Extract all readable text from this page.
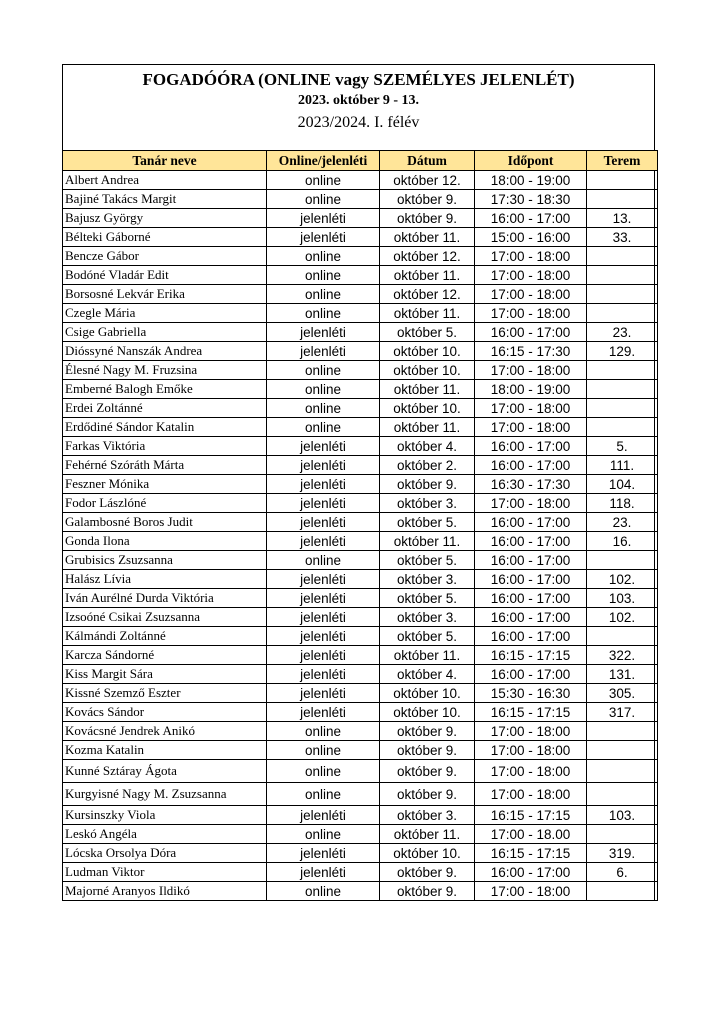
FOGADÓÓRA (ONLINE vagy SZEMÉLYES JELENLÉT)
2023. október 9 - 13.
2023/2024. I. félév
Tanár neve	Online/jelenléti	Dátum	Időpont	Terem
Albert Andrea	online	október 12.	18:00 - 19:00	
Bajiné Takács Margit	online	október 9.	17:30 - 18:30	
Bajusz György	jelenléti	október 9.	16:00 - 17:00	13.
Bélteki Gáborné	jelenléti	október 11.	15:00 - 16:00	33.
Bencze Gábor	online	október 12.	17:00 - 18:00	
Bodóné Vladár Edit	online	október 11.	17:00 - 18:00	
Borsosné Lekvár Erika	online	október 12.	17:00 - 18:00	
Czegle Mária	online	október 11.	17:00 - 18:00	
Csige Gabriella	jelenléti	október 5.	16:00 - 17:00	23.
Dióssyné Nanszák Andrea	jelenléti	október 10.	16:15 - 17:30	129.
Élesné Nagy M. Fruzsina	online	október 10.	17:00 - 18:00	
Emberné Balogh Emőke	online	október 11.	18:00 - 19:00	
Erdei Zoltánné	online	október 10.	17:00 - 18:00	
Erdődiné Sándor Katalin	online	október 11.	17:00 - 18:00	
Farkas Viktória	jelenléti	október 4.	16:00 - 17:00	5.
Fehérné Szóráth Márta	jelenléti	október 2.	16:00 - 17:00	111.
Feszner Mónika	jelenléti	október 9.	16:30 - 17:30	104.
Fodor Lászlóné	jelenléti	október 3.	17:00 - 18:00	118.
Galambosné Boros Judit	jelenléti	október 5.	16:00 - 17:00	23.
Gonda Ilona	jelenléti	október 11.	16:00 - 17:00	16.
Grubisics Zsuzsanna	online	október 5.	16:00 - 17:00	
Halász Lívia	jelenléti	október 3.	16:00 - 17:00	102.
Iván Aurélné Durda Viktória	jelenléti	október 5.	16:00 - 17:00	103.
Izsoóné Csikai Zsuzsanna	jelenléti	október 3.	16:00 - 17:00	102.
Kálmándi Zoltánné	jelenléti	október 5.	16:00 - 17:00	
Karcza Sándorné	jelenléti	október 11.	16:15 - 17:15	322.
Kiss Margit Sára	jelenléti	október 4.	16:00 - 17:00	131.
Kissné Szemző Eszter	jelenléti	október 10.	15:30 - 16:30	305.
Kovács Sándor	jelenléti	október 10.	16:15 - 17:15	317.
Kovácsné Jendrek Anikó	online	október 9.	17:00 - 18:00	
Kozma Katalin	online	október 9.	17:00 - 18:00	
Kunné Sztáray Ágota	online	október 9.	17:00 - 18:00	
Kurgyisné Nagy M. Zsuzsanna	online	október 9.	17:00 - 18:00	
Kursinszky Viola	jelenléti	október 3.	16:15 - 17:15	103.
Leskó Angéla	online	október 11.	17:00 - 18.00	
Lócska Orsolya Dóra	jelenléti	október 10.	16:15 - 17:15	319.
Ludman Viktor	jelenléti	október 9.	16:00 - 17:00	6.
Majorné Aranyos Ildikó	online	október 9.	17:00 - 18:00	
